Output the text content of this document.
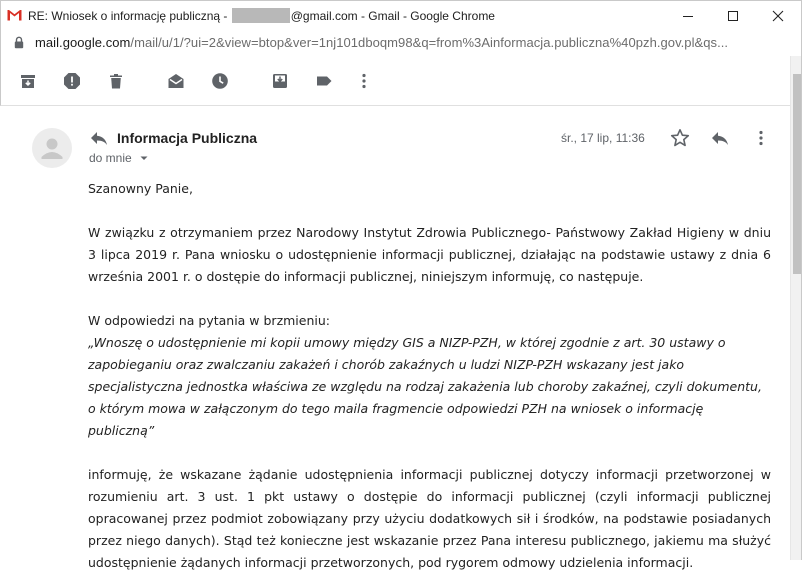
RE: Wniosek o informację publiczną -	@gmail.com - Gmail - Google Chrome
mail.google.com/mail/u/1/?ui=2&view=btop&ver=1nj101dboqm98&q=from%3Ainformacja.publiczna%40pzh.gov.pl&qs...
Informacja Publiczna
do mnie
śr., 17 lip, 11:36
Szanowny Panie,
W związku z otrzymaniem przez Narodowy Instytut Zdrowia Publicznego- Państwowy Zakład Higieny w dniu 3 lipca 2019 r. Pana wniosku o udostępnienie informacji publicznej, działając na podstawie ustawy z dnia 6 września 2001 r. o dostępie do informacji publicznej, niniejszym informuję, co następuje.
W odpowiedzi na pytania w brzmieniu:
„Wnoszę o udostępnienie mi kopii umowy między GIS a NIZP-PZH, w której zgodnie z art. 30 ustawy o zapobieganiu oraz zwalczaniu zakażeń i chorób zakaźnych u ludzi NIZP-PZH wskazany jest jako specjalistyczna jednostka właściwa ze względu na rodzaj zakażenia lub choroby zakaźnej, czyli dokumentu, o którym mowa w załączonym do tego maila fragmencie odpowiedzi PZH na wniosek o informację publiczną”
informuję, że wskazane żądanie udostępnienia informacji publicznej dotyczy informacji przetworzonej w rozumieniu art. 3 ust. 1 pkt ustawy o dostępie do informacji publicznej (czyli informacji publicznej opracowanej przez podmiot zobowiązany przy użyciu dodatkowych sił i środków, na podstawie posiadanych przez niego danych). Stąd też konieczne jest wskazanie przez Pana interesu publicznego, jakiemu ma służyć udostępnienie żądanych informacji przetworzonych, pod rygorem odmowy udzielenia informacji.
